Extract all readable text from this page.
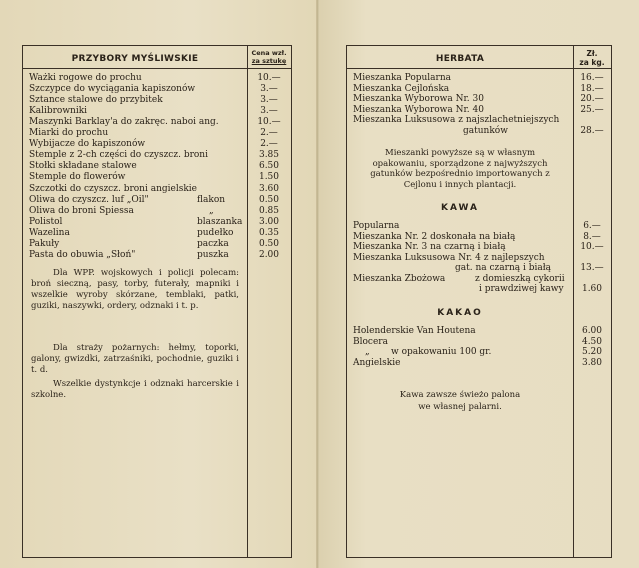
PRZYBORY MYŚLIWSKIE
Cena wzł.
za sztukę
Ważki rogowe do prochu	10.—
Szczypce do wyciągania kapiszonów	3.—
Sztance stalowe do przybitek	3.—
Kalibrowniki	3.—
Maszynki Barklay'a do zakręc. naboi ang.	10.—
Miarki do prochu	2.—
Wybijacze do kapiszonów	2.—
Stemple z 2-ch części do czyszcz. broni	3.85
Stołki składane stalowe	6.50
Stemple do flowerów	1.50
Szczotki do czyszcz. broni angielskie	3.60
Oliwa do czyszcz. luf „Oil"	flakon	0.50
Oliwa do broni Spiessa	„	0.85
Polistol	blaszanka	3.00
Wazelina	pudełko	0.35
Pakuły	paczka	0.50
Pasta do obuwia „Słoń"	puszka	2.00
Dla WPP. wojskowych i policji polecam: broń sieczną, pasy, torby, futerały, mapniki i wszelkie wyroby skórzane, temblaki, patki, guziki, naszywki, ordery, odznaki i t. p.
Dla straży pożarnych: hełmy, toporki, galony, gwizdki, zatrzaśniki, pochodnie, guziki i t. d.
Wszelkie dystynkcje i odznaki harcerskie i szkolne.
HERBATA
Zł.
za kg.
Mieszanka Popularna	16.—
Mieszanka Cejlońska	18.—
Mieszanka Wyborowa Nr. 30	20.—
Mieszanka Wyborowa Nr. 40	25.—
Mieszanka Luksusowa z najszlachetniejszych
gatunków	28.—
Mieszanki powyższe są w własnym opakowaniu, sporządzone z najwyższych gatunków bezpośrednio importowanych z Cejlonu i innych plantacji.
KAWA
Popularna	6.—
Mieszanka Nr. 2 doskonała na białą	8.—
Mieszanka Nr. 3 na czarną i białą	10.—
Mieszanka Luksusowa Nr. 4 z najlepszych
gat. na czarną i białą	13.—
Mieszanka Zbożowa	z domieszką cykorii
i prawdziwej kawy	1.60
KAKAO
Holenderskie Van Houtena	6.00
Blocera	4.50
„	5.20
w opakowaniu 100 gr.
Angielskie	3.80
Kawa zawsze świeżo palona
we własnej palarni.
